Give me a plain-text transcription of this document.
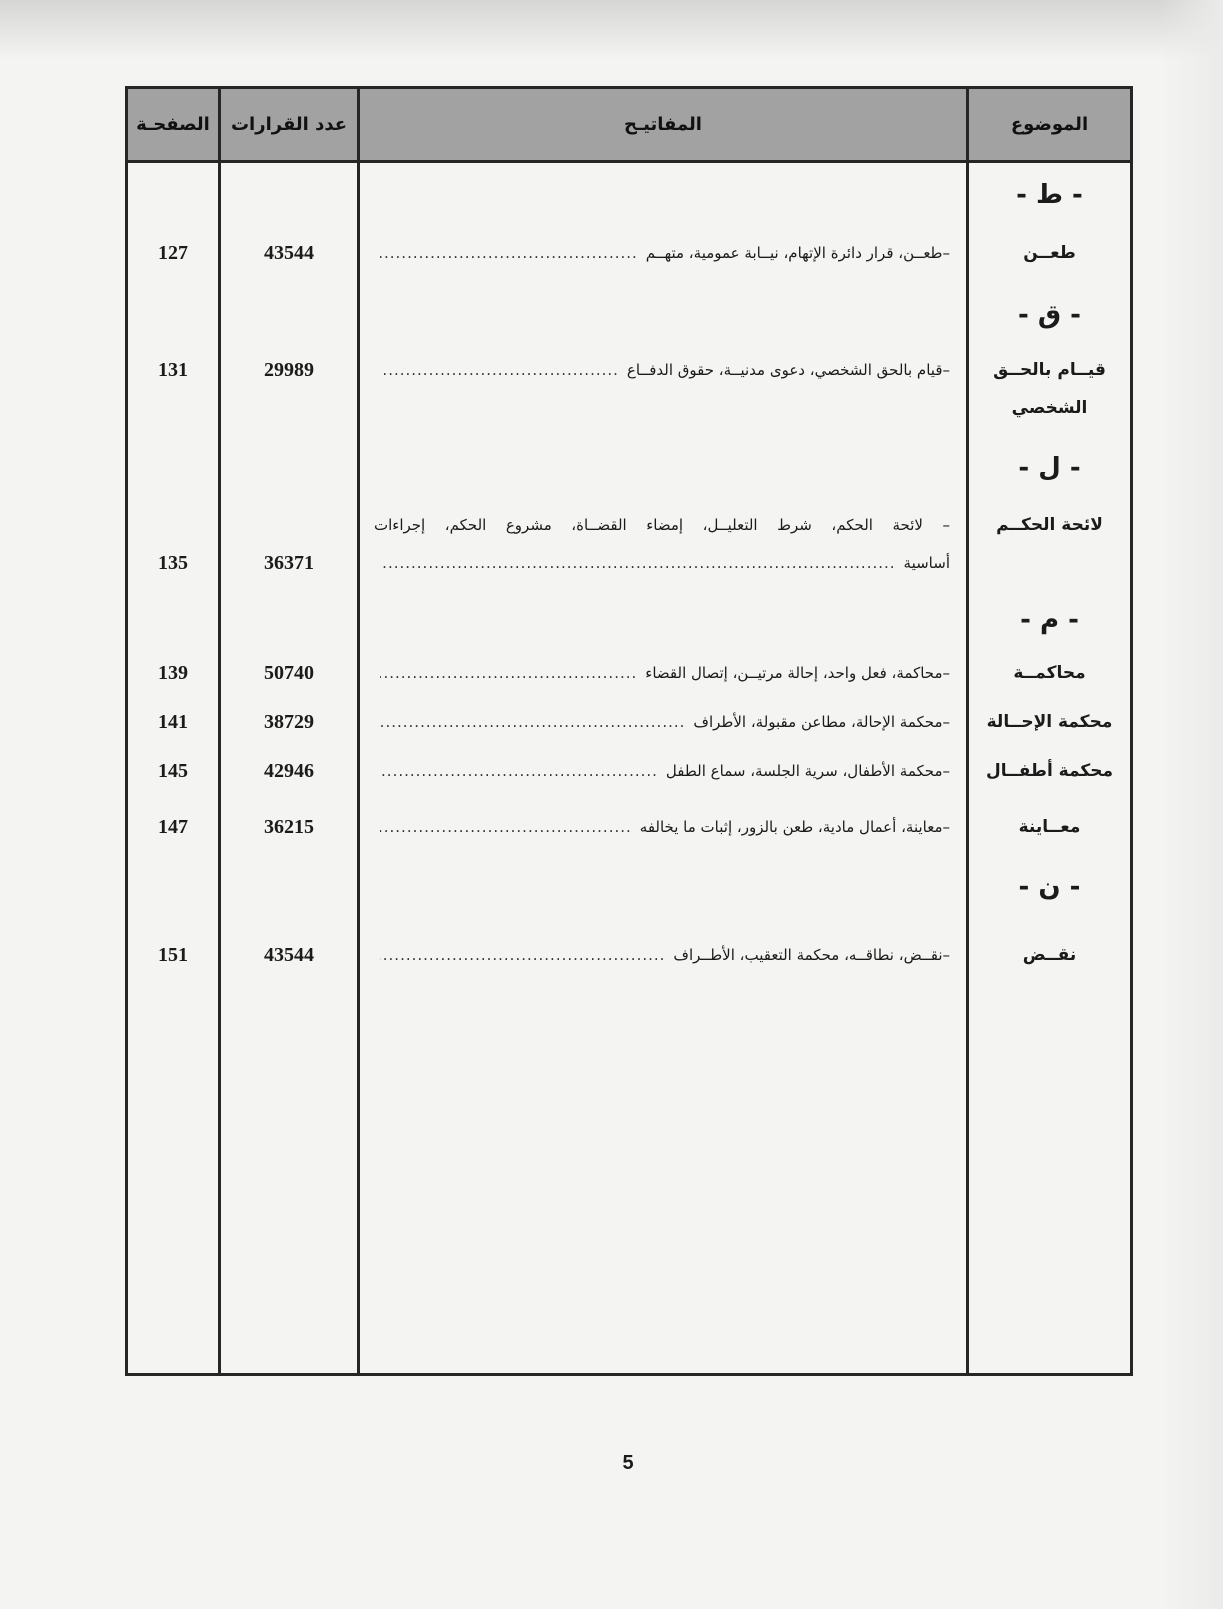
الموضوع
المفاتيـح
عدد القرارات
الصفحـة
- ط -
طعــن
–طعــن، قرار دائرة الإتهام، نيــابة عمومية، متهــم
.....
43544
127
- ق -
قيــام بالحــق
الشخصي
–قيام بالحق الشخصي، دعوى مدنيــة، حقوق الدفــاع
.....
29989
131
- ل -
لائحة الحكــم
– لائحة الحكم، شرط التعليــل، إمضاء القضــاة، مشروع الحكم، إجراءات
أساسية
.....
36371
135
- م -
محاكمــة
–محاكمة، فعل واحد، إحالة مرتيــن، إتصال القضاء
.....
50740
139
محكمة الإحــالة
–محكمة الإحالة، مطاعن مقبولة، الأطراف
.....
38729
141
محكمة أطفــال
–محكمة الأطفال، سرية الجلسة، سماع الطفل
.....
42946
145
معــاينة
–معاينة، أعمال مادية، طعن بالزور، إثبات ما يخالفه
.....
36215
147
- ن -
نقــض
–نقــض، نطاقــه، محكمة التعقيب، الأطــراف
.....
43544
151
5
